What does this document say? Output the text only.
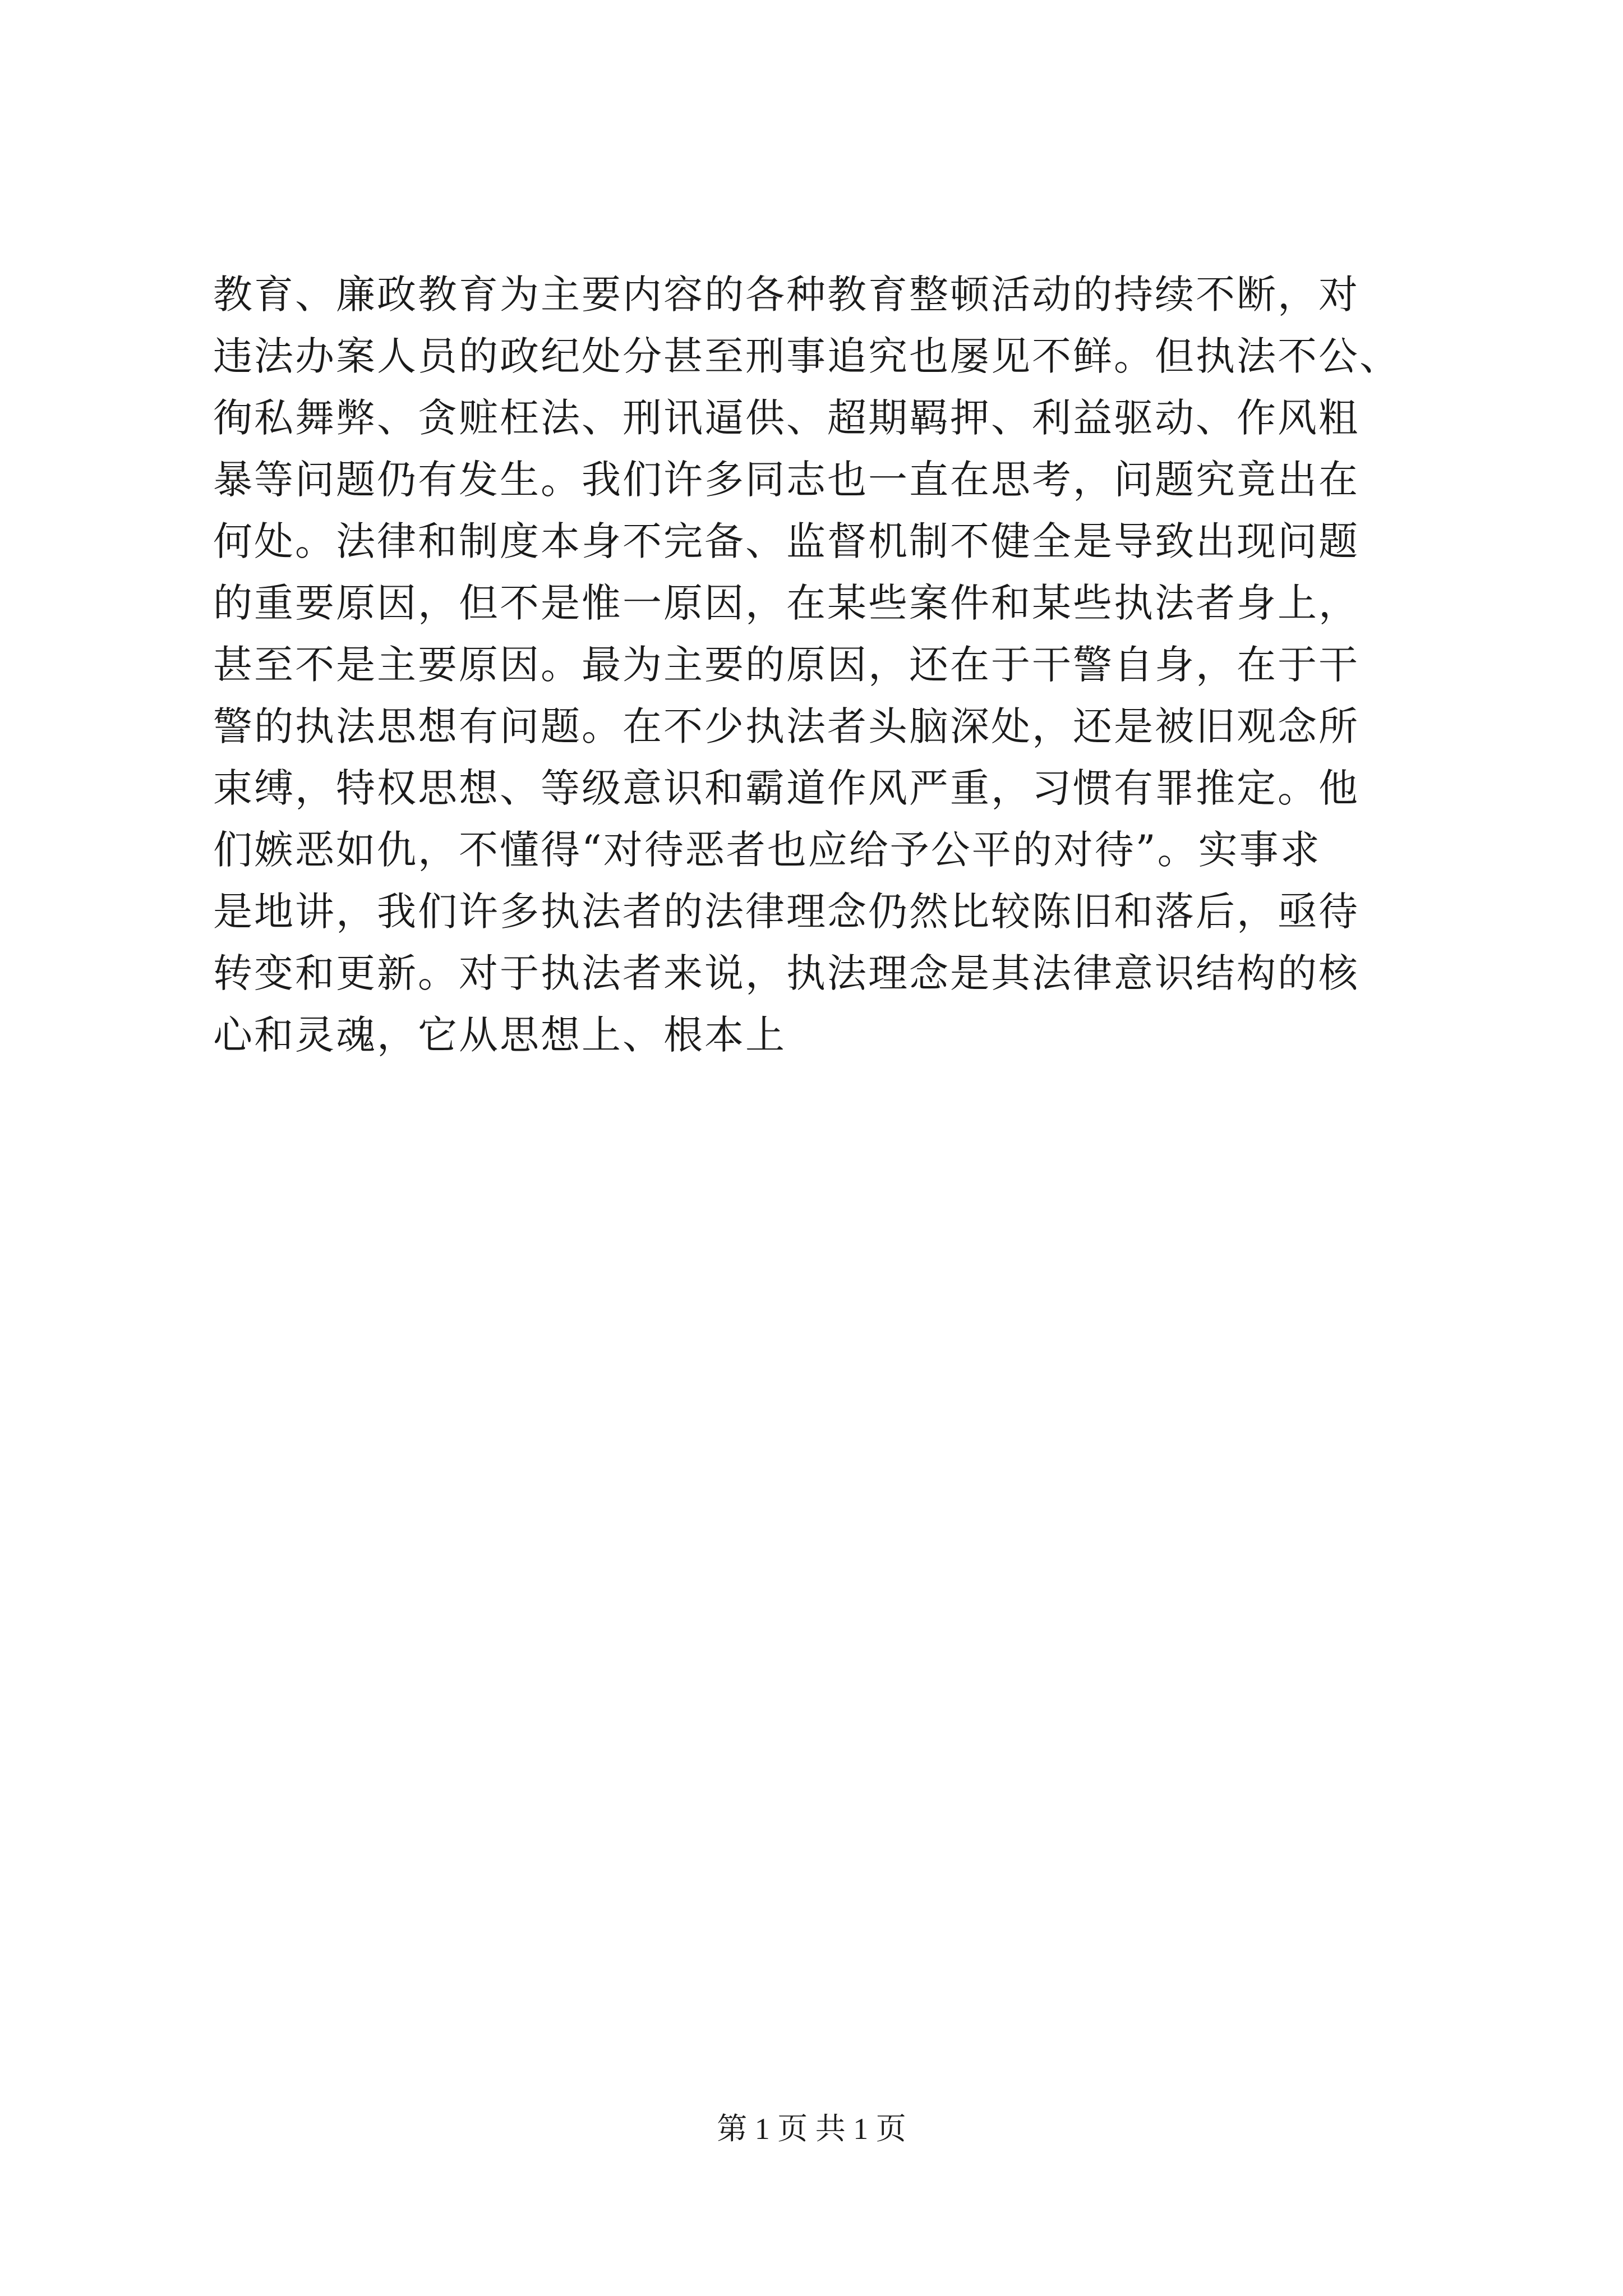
教育、廉政教育为主要内容的各种教育整顿活动的持续不断，对
违法办案人员的政纪处分甚至刑事追究也屡见不鲜。但执法不公、
徇私舞弊、贪赃枉法、刑讯逼供、超期羁押、利益驱动、作风粗
暴等问题仍有发生。我们许多同志也一直在思考，问题究竟出在
何处。法律和制度本身不完备、监督机制不健全是导致出现问题
的重要原因，但不是惟一原因，在某些案件和某些执法者身上，
甚至不是主要原因。最为主要的原因，还在于干警自身，在于干
警的执法思想有问题。在不少执法者头脑深处，还是被旧观念所
束缚，特权思想、等级意识和霸道作风严重，习惯有罪推定。他
们嫉恶如仇，不懂得“对待恶者也应给予公平的对待”。实事求
是地讲，我们许多执法者的法律理念仍然比较陈旧和落后，亟待
转变和更新。对于执法者来说，执法理念是其法律意识结构的核
心和灵魂，它从思想上、根本上
第 1 页 共 1 页
